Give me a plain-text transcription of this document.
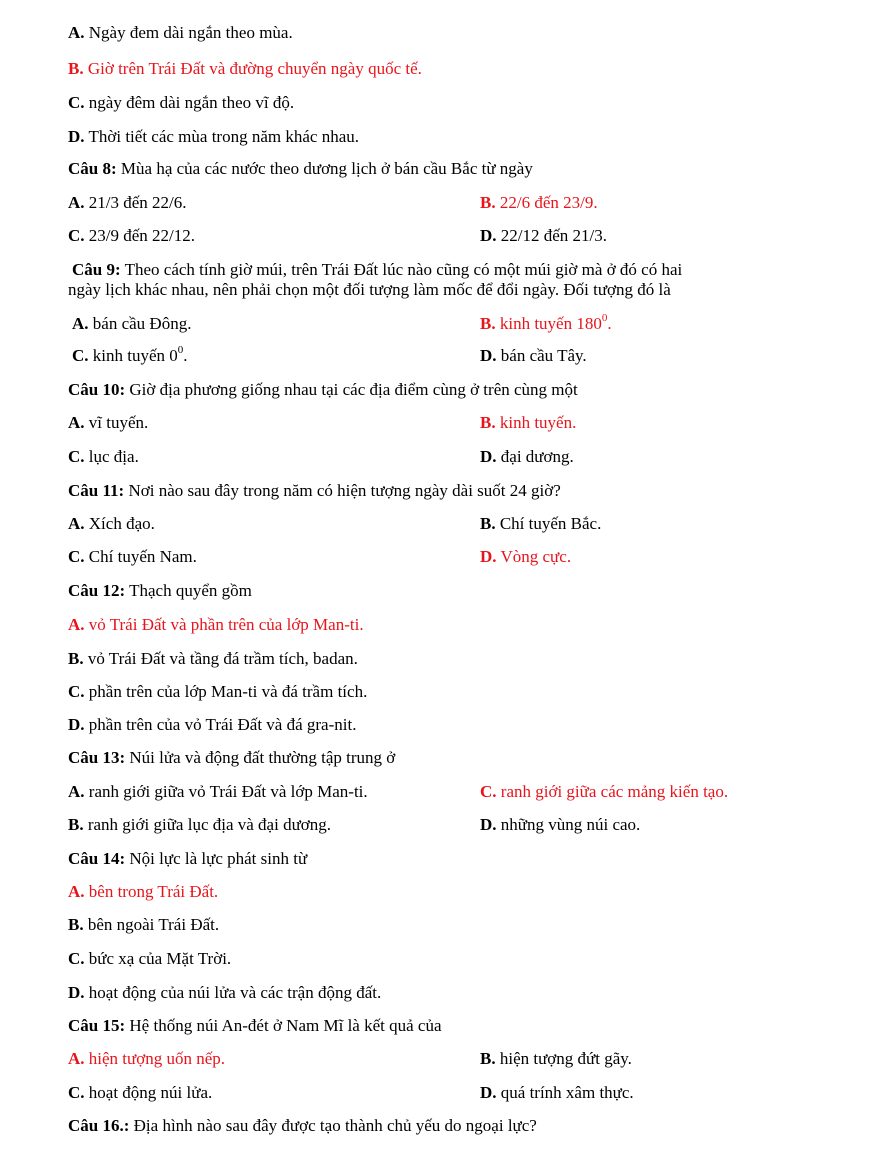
A. Ngày đem dài ngắn theo mùa.
B. Giờ trên Trái Đất và đường chuyển ngày quốc tế.
C. ngày đêm dài ngắn theo vĩ độ.
D. Thời tiết các mùa trong năm khác nhau.
Câu 8: Mùa hạ của các nước theo dương lịch ở bán cầu Bắc từ ngày
A. 21/3 đến 22/6.	B. 22/6 đến 23/9.
C. 23/9 đến 22/12.	D. 22/12 đến 21/3.
Câu 9: Theo cách tính giờ múi, trên Trái Đất lúc nào cũng có một múi giờ mà ở đó có hai
ngày lịch khác nhau, nên phải chọn một đối tượng làm mốc để đổi ngày. Đối tượng đó là
A. bán cầu Đông.	B. kinh tuyến $180^0$.
C. kinh tuyến $0^0$.	D. bán cầu Tây.
Câu 10: Giờ địa phương giống nhau tại các địa điểm cùng ở trên cùng một
A. vĩ tuyến.	B. kinh tuyến.
C. lục địa.	D. đại dương.
Câu 11: Nơi nào sau đây trong năm có hiện tượng ngày dài suốt 24 giờ?
A. Xích đạo.	B. Chí tuyến Bắc.
C. Chí tuyến Nam.	D. Vòng cực.
Câu 12: Thạch quyển gồm
A. vỏ Trái Đất và phần trên của lớp Man-ti.
B. vỏ Trái Đất và tầng đá trầm tích, badan.
C. phần trên của lớp Man-ti và đá trầm tích.
D. phần trên của vỏ Trái Đất và đá gra-nit.
Câu 13: Núi lửa và động đất thường tập trung ở
A. ranh giới giữa vỏ Trái Đất và lớp Man-ti.	C. ranh giới giữa các mảng kiến tạo.
B. ranh giới giữa lục địa và đại dương.	D. những vùng núi cao.
Câu 14: Nội lực là lực phát sinh từ
A. bên trong Trái Đất.
B. bên ngoài Trái Đất.
C. bức xạ của Mặt Trời.
D. hoạt động của núi lửa và các trận động đất.
Câu 15: Hệ thống núi An-đét ở Nam Mĩ là kết quả của
A. hiện tượng uốn nếp.	B. hiện tượng đứt gãy.
C. hoạt động núi lửa.	D. quá trính xâm thực.
Câu 16.: Địa hình nào sau đây được tạo thành chủ yếu do ngoại lực?
